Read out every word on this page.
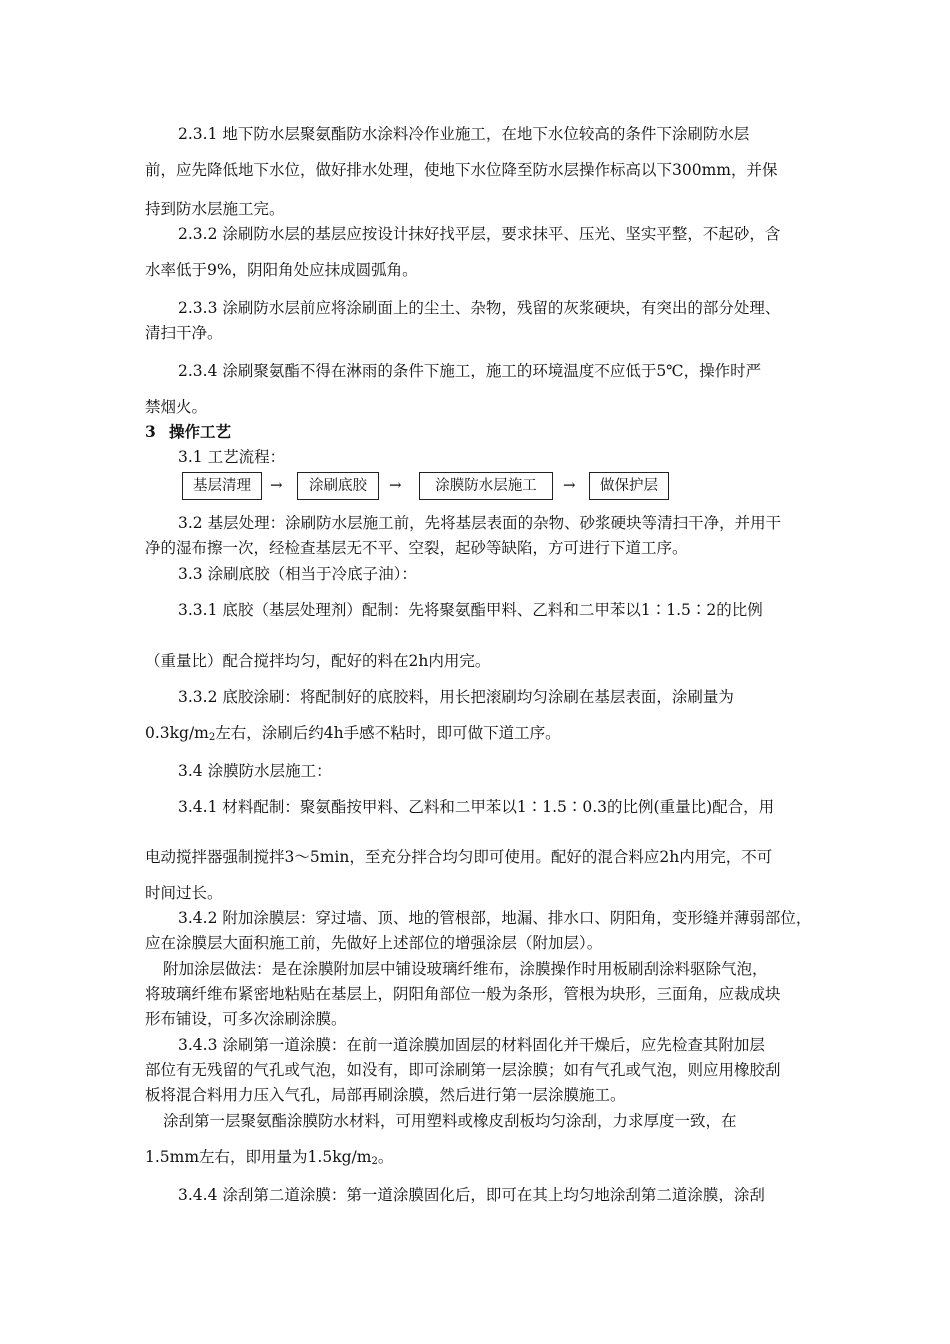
2.3.1 地下防水层聚氨酯防水涂料冷作业施工，在地下水位较高的条件下涂刷防水层
前，应先降低地下水位，做好排水处理，使地下水位降至防水层操作标高以下300mm，并保
持到防水层施工完。
2.3.2 涂刷防水层的基层应按设计抹好找平层，要求抹平、压光、坚实平整，不起砂，含
水率低于9%，阴阳角处应抹成圆弧角。
2.3.3 涂刷防水层前应将涂刷面上的尘土、杂物，残留的灰浆硬块，有突出的部分处理、
清扫干净。
2.3.4 涂刷聚氨酯不得在淋雨的条件下施工，施工的环境温度不应低于5℃，操作时严
禁烟火。
3 操作工艺
3.1 工艺流程：
基层清理	→	涂刷底胶	→	涂膜防水层施工	→	做保护层
3.2 基层处理：涂刷防水层施工前，先将基层表面的杂物、砂浆硬块等清扫干净，并用干
净的湿布擦一次，经检查基层无不平、空裂，起砂等缺陷，方可进行下道工序。
3.3 涂刷底胶（相当于冷底子油）：
3.3.1 底胶（基层处理剂）配制：先将聚氨酯甲料、乙料和二甲苯以1∶1.5∶2的比例
（重量比）配合搅拌均匀，配好的料在2h内用完。
3.3.2 底胶涂刷：将配制好的底胶料，用长把滚刷均匀涂刷在基层表面，涂刷量为
$0.3kg/m_2$左右，涂刷后约4h手感不粘时，即可做下道工序。
3.4 涂膜防水层施工：
3.4.1 材料配制：聚氨酯按甲料、乙料和二甲苯以1∶1.5∶0.3的比例(重量比)配合，用
电动搅拌器强制搅拌3～5min，至充分拌合均匀即可使用。配好的混合料应2h内用完，不可
时间过长。
3.4.2 附加涂膜层：穿过墙、顶、地的管根部，地漏、排水口、阴阳角，变形缝并薄弱部位，
应在涂膜层大面积施工前，先做好上述部位的增强涂层（附加层）。
附加涂层做法：是在涂膜附加层中铺设玻璃纤维布，涂膜操作时用板刷刮涂料驱除气泡，
将玻璃纤维布紧密地粘贴在基层上，阴阳角部位一般为条形，管根为块形，三面角，应裁成块
形布铺设，可多次涂刷涂膜。
3.4.3 涂刷第一道涂膜：在前一道涂膜加固层的材料固化并干燥后，应先检查其附加层
部位有无残留的气孔或气泡，如没有，即可涂刷第一层涂膜；如有气孔或气泡，则应用橡胶刮
板将混合料用力压入气孔，局部再刷涂膜，然后进行第一层涂膜施工。
涂刮第一层聚氨酯涂膜防水材料，可用塑料或橡皮刮板均匀涂刮，力求厚度一致，在
1.5mm左右，即用量为$1.5kg/m_2$。
3.4.4 涂刮第二道涂膜：第一道涂膜固化后，即可在其上均匀地涂刮第二道涂膜，涂刮
